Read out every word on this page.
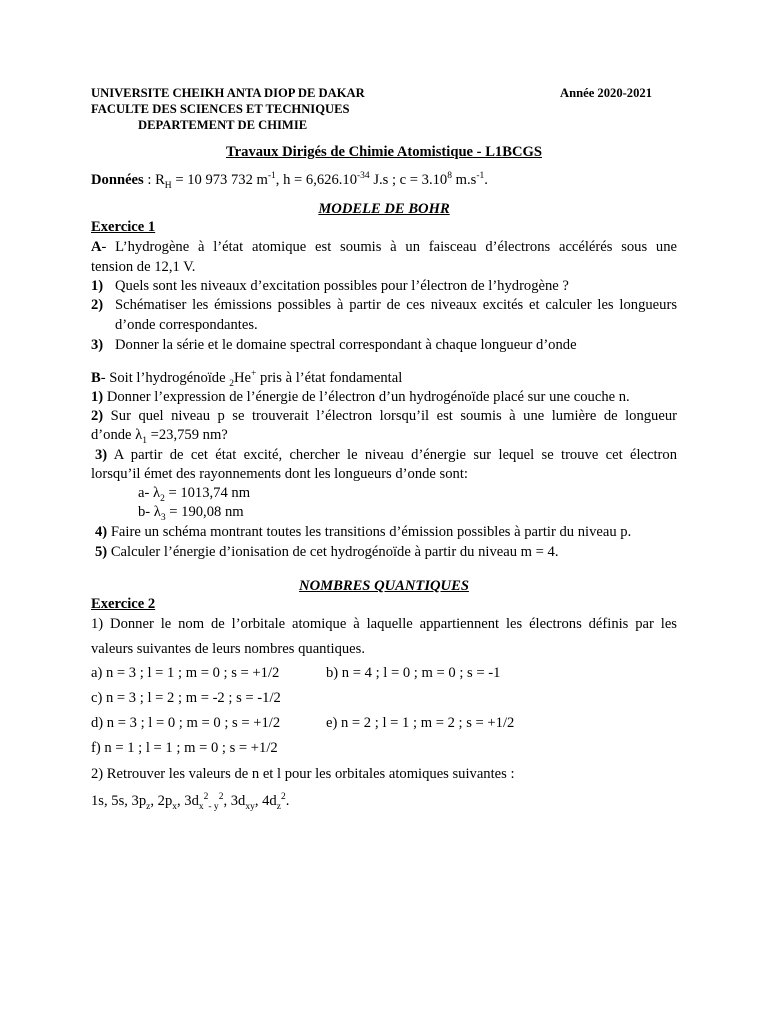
UNIVERSITE CHEIKH ANTA DIOP DE DAKAR
FACULTE DES SCIENCES ET TECHNIQUES
DEPARTEMENT DE CHIMIE
Année 2020-2021
Travaux Dirigés de Chimie Atomistique - L1BCGS
Données : $R_H = 10$ 973 732 $m^{-1}$, $h = 6,626.10^{-34}$ J.s ; $c = 3.10^8$ $m.s^{-1}$.
MODELE DE BOHR
Exercice 1
A- L’hydrogène à l’état atomique est soumis à un faisceau d’électrons accélérés sous une
tension de 12,1 V.
1) Quels sont les niveaux d’excitation possibles pour l’électron de l’hydrogène ?
2) Schématiser les émissions possibles à partir de ces niveaux excités et calculer les longueurs
d’onde correspondantes.
3) Donner la série et le domaine spectral correspondant à chaque longueur d’onde
B- Soit l’hydrogénoïde $_2$He+ pris à l’état fondamental
1) Donner l’expression de l’énergie de l’électron d’un hydrogénoïde placé sur une couche n.
2) Sur quel niveau p se trouverait l’électron lorsqu’il est soumis à une lumière de longueur
d’onde $\lambda_1 =23,759$ nm?
3) A partir de cet état excité, chercher le niveau d’énergie sur lequel se trouve cet électron
lorsqu’il émet des rayonnements dont les longueurs d’onde sont:
a- $\lambda_2 = 1013,74$ nm
b- $\lambda_3 = 190,08$ nm
4) Faire un schéma montrant toutes les transitions d’émission possibles à partir du niveau p.
5) Calculer l’énergie d’ionisation de cet hydrogénoïde à partir du niveau m = 4.
NOMBRES QUANTIQUES
Exercice 2
1) Donner le nom de l’orbitale atomique à laquelle appartiennent les électrons définis par les
valeurs suivantes de leurs nombres quantiques.
a) n = 3 ; l = 1 ; m = 0 ; s = +1/2	b) n = 4 ; l = 0 ; m = 0 ; s = -1
c) n = 3 ; l = 2 ; m = -2 ; s = -1/2
d) n = 3 ; l = 0 ; m = 0 ; s = +1/2	e) n = 2 ; l = 1 ; m = 2 ; s = +1/2
f) n = 1 ; l = 1 ; m = 0 ; s = +1/2
2) Retrouver les valeurs de n et l pour les orbitales atomiques suivantes :
1s, 5s, $3p_z$, $2p_x$, $3d_x^2_{- y}^2$, $3d_{xy}$, $4d_z^2$.
